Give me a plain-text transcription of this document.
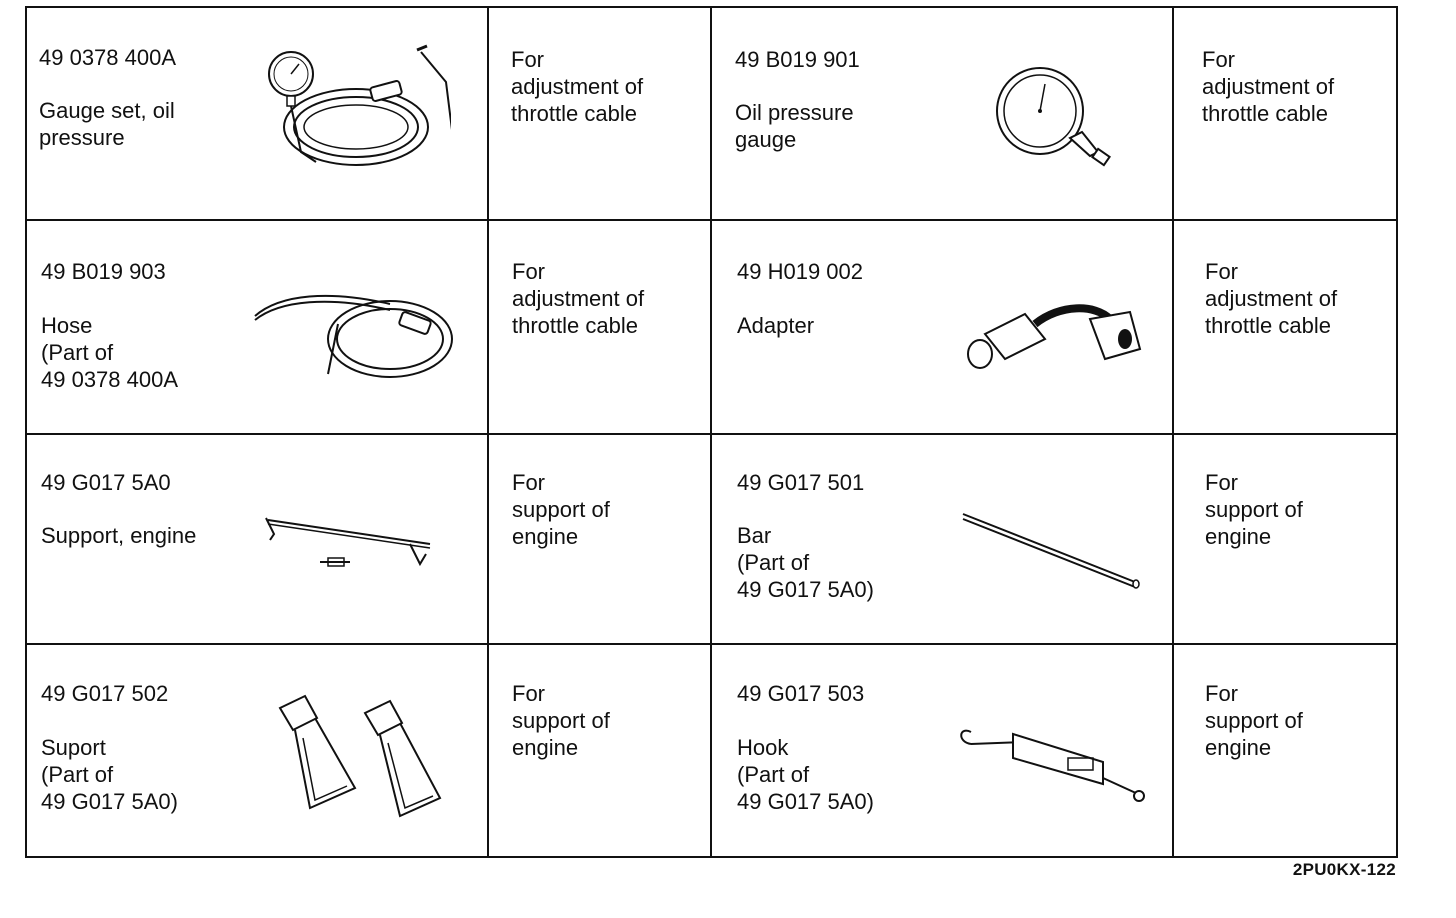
49 0378 400A
Gauge set, oil
pressure
For
adjustment of
throttle cable
49 B019 901
Oil pressure
gauge
For
adjustment of
throttle cable
49 B019 903
Hose
(Part of
49 0378 400A
For
adjustment of
throttle cable
49 H019 002
Adapter
For
adjustment of
throttle cable
49 G017 5A0
Support, engine
For
support of
engine
49 G017 501
Bar
(Part of
49 G017 5A0)
For
support of
engine
49 G017 502
Suport
(Part of
49 G017 5A0)
For
support of
engine
49 G017 503
Hook
(Part of
49 G017 5A0)
For
support of
engine
2PU0KX-122
